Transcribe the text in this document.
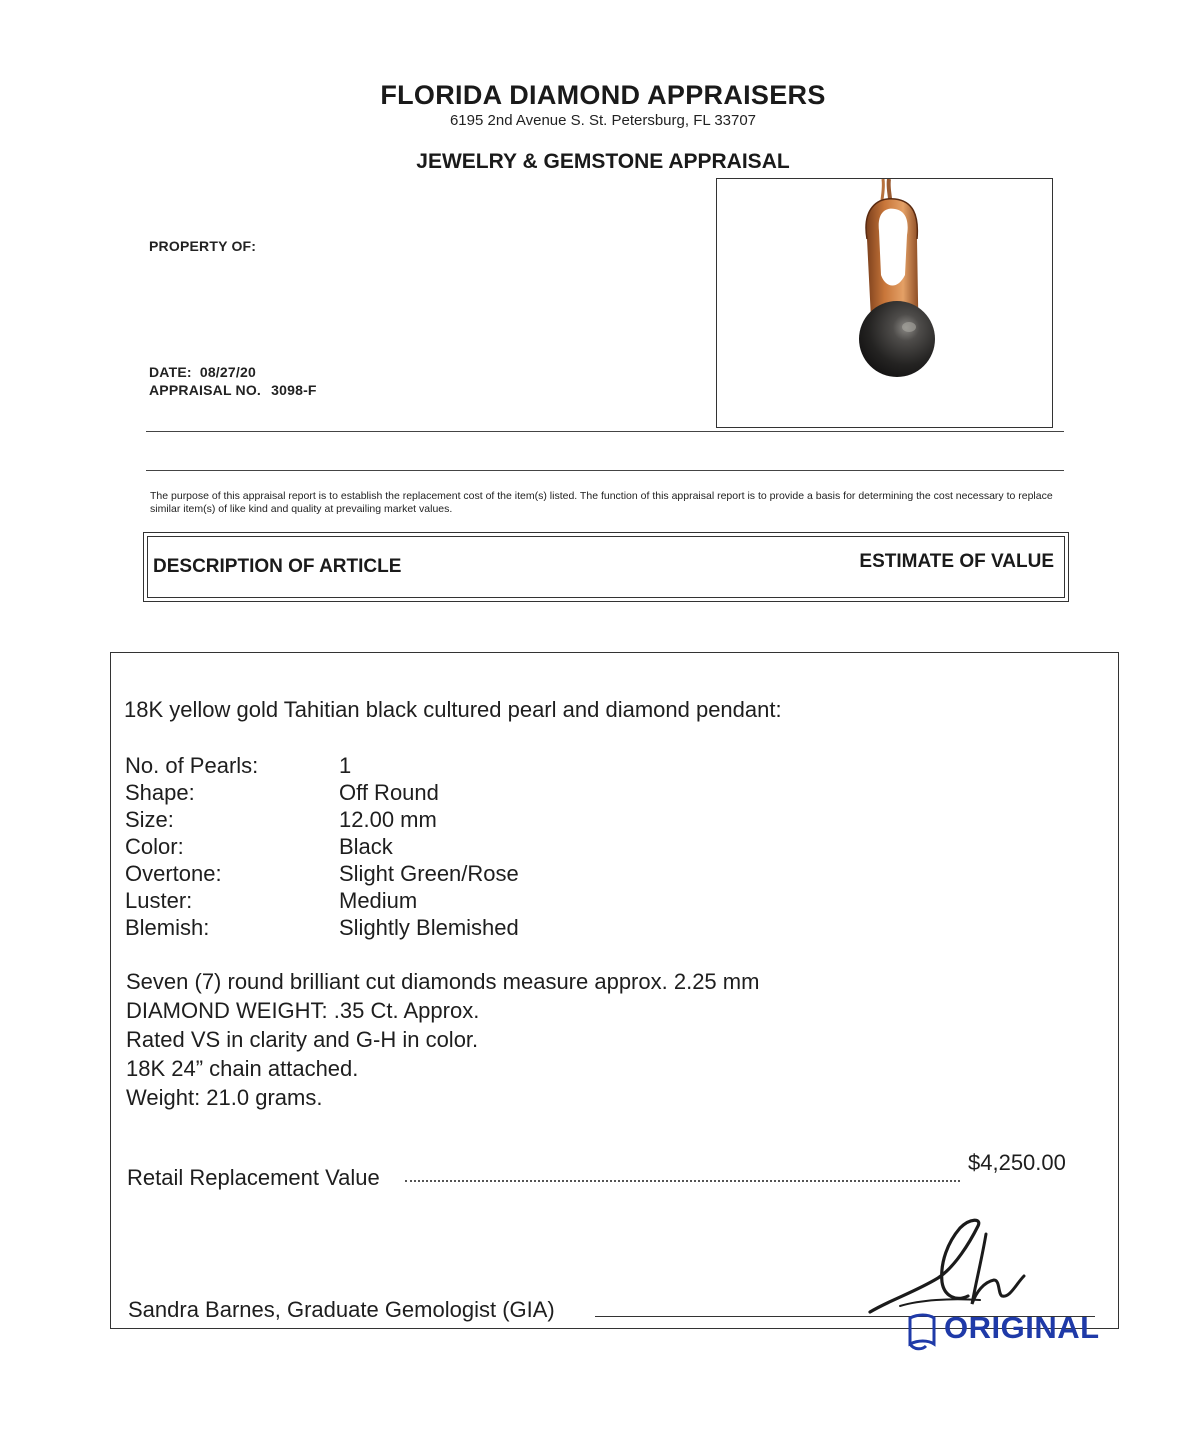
FLORIDA DIAMOND APPRAISERS
6195 2nd Avenue S. St. Petersburg, FL 33707
JEWELRY & GEMSTONE APPRAISAL
PROPERTY OF:
DATE: 08/27/20
APPRAISAL NO. 3098-F
The purpose of this appraisal report is to establish the replacement cost of the item(s) listed. The function of this appraisal report is to provide a basis for determining the cost necessary to replace similar item(s) of like kind and quality at prevailing market values.
DESCRIPTION OF ARTICLE	ESTIMATE OF VALUE
18K yellow gold Tahitian black cultured pearl and diamond pendant:
No. of Pearls:	1
Shape:	Off Round
Size:	12.00 mm
Color:	Black
Overtone:	Slight Green/Rose
Luster:	Medium
Blemish:	Slightly Blemished
Seven (7) round brilliant cut diamonds measure approx. 2.25 mm
DIAMOND WEIGHT: .35 Ct. Approx.
Rated VS in clarity and G-H in color.
18K 24” chain attached.
Weight: 21.0 grams.
Retail Replacement Value
$4,250.00
Sandra Barnes, Graduate Gemologist (GIA)
ORIGINAL
